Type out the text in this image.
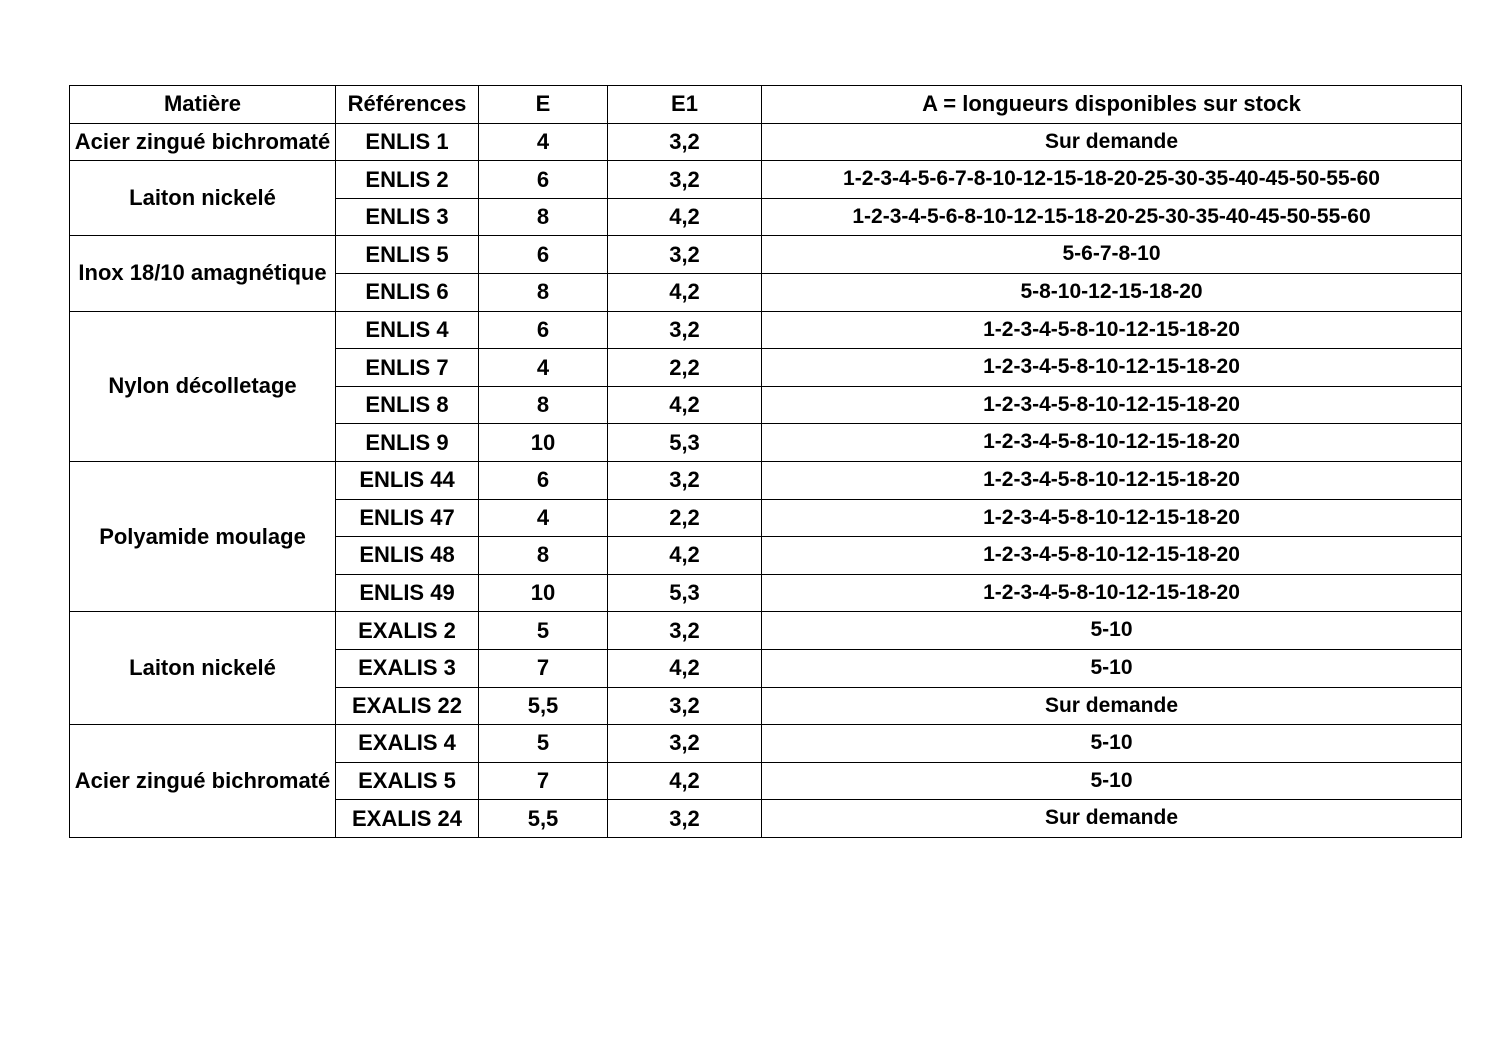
Matière	Références	E	E1	A = longueurs disponibles sur stock
Acier zingué bichromaté	ENLIS 1	4	3,2	Sur demande
Laiton nickelé	ENLIS 2	6	3,2	1-2-3-4-5-6-7-8-10-12-15-18-20-25-30-35-40-45-50-55-60
	ENLIS 3	8	4,2	1-2-3-4-5-6-8-10-12-15-18-20-25-30-35-40-45-50-55-60
Inox 18/10 amagnétique	ENLIS 5	6	3,2	5-6-7-8-10
	ENLIS 6	8	4,2	5-8-10-12-15-18-20
Nylon décolletage	ENLIS 4	6	3,2	1-2-3-4-5-8-10-12-15-18-20
	ENLIS 7	4	2,2	1-2-3-4-5-8-10-12-15-18-20
	ENLIS 8	8	4,2	1-2-3-4-5-8-10-12-15-18-20
	ENLIS 9	10	5,3	1-2-3-4-5-8-10-12-15-18-20
Polyamide moulage	ENLIS 44	6	3,2	1-2-3-4-5-8-10-12-15-18-20
	ENLIS 47	4	2,2	1-2-3-4-5-8-10-12-15-18-20
	ENLIS 48	8	4,2	1-2-3-4-5-8-10-12-15-18-20
	ENLIS 49	10	5,3	1-2-3-4-5-8-10-12-15-18-20
Laiton nickelé	EXALIS 2	5	3,2	5-10
	EXALIS 3	7	4,2	5-10
	EXALIS 22	5,5	3,2	Sur demande
Acier zingué bichromaté	EXALIS 4	5	3,2	5-10
	EXALIS 5	7	4,2	5-10
	EXALIS 24	5,5	3,2	Sur demande
